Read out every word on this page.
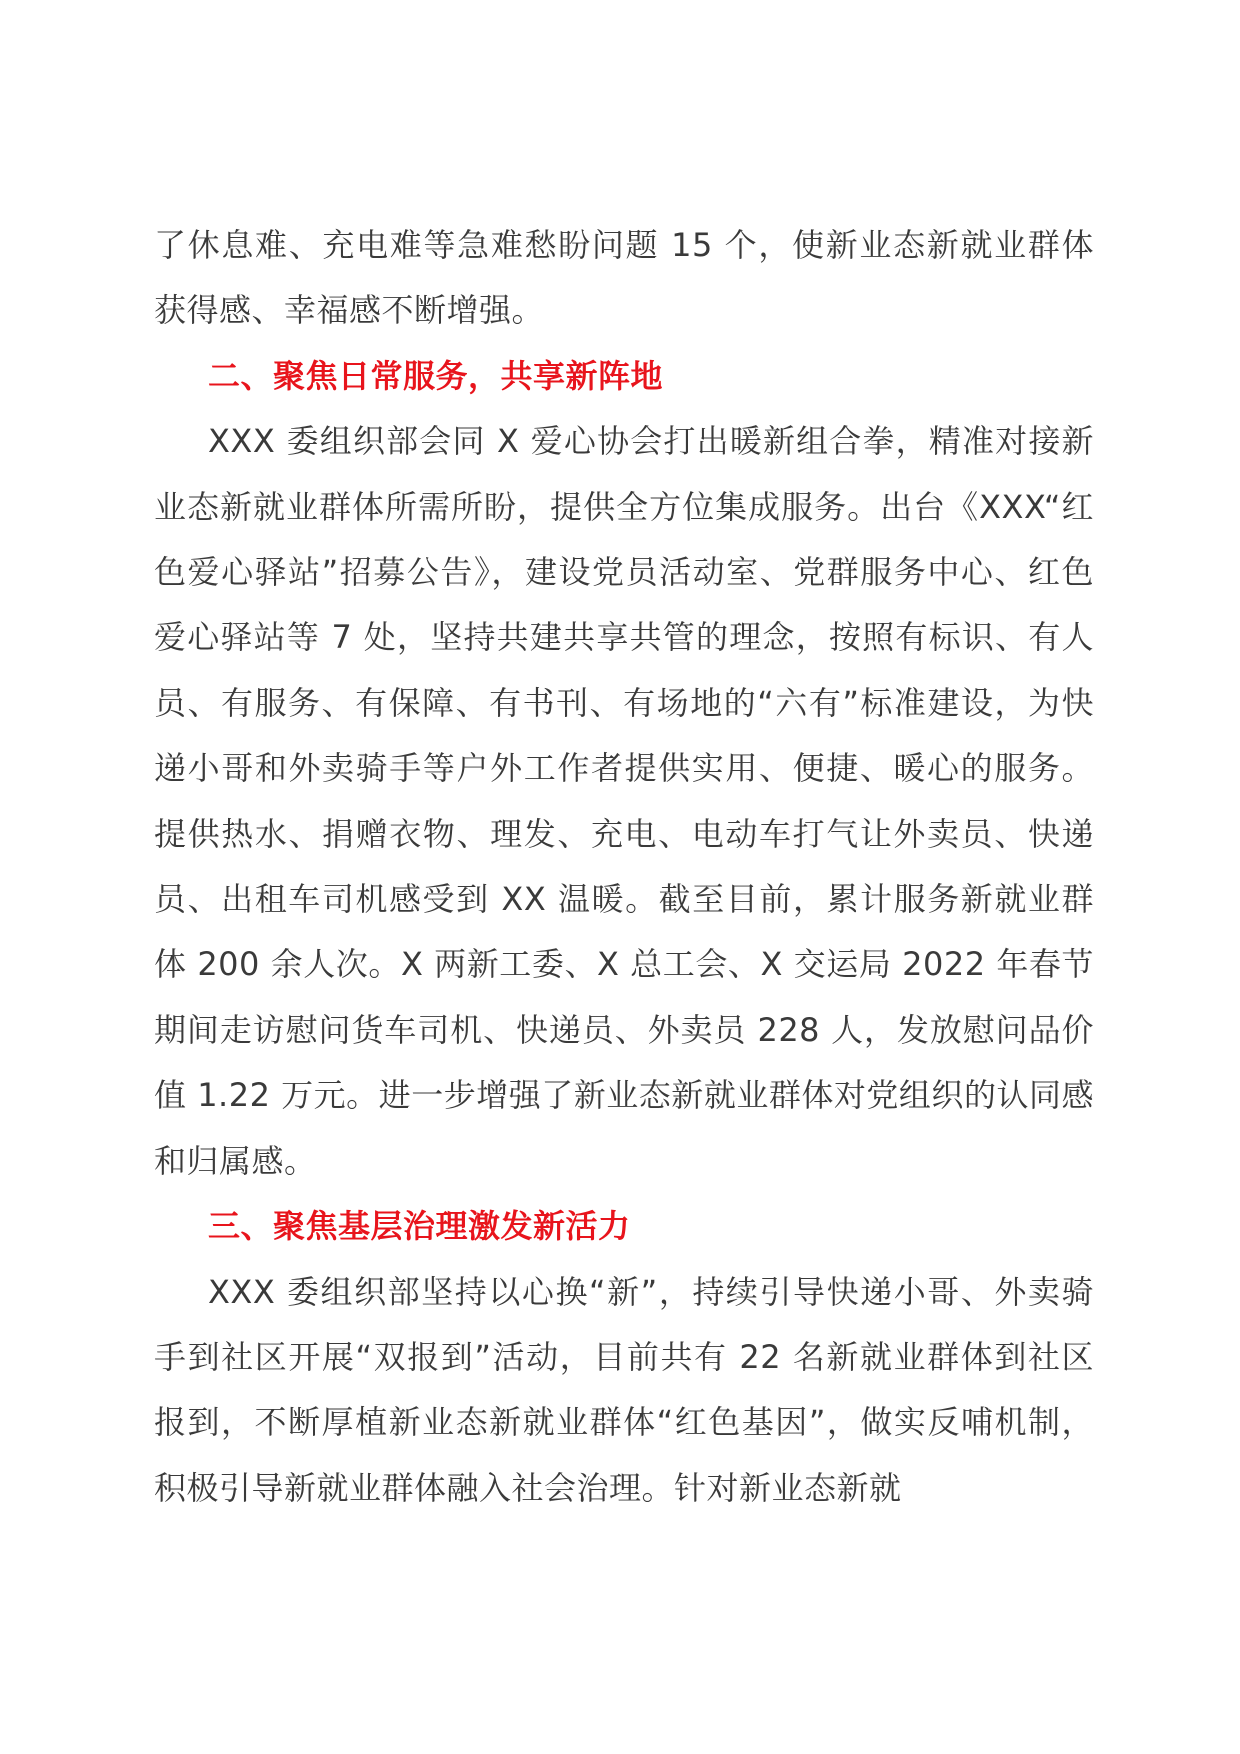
了休息难、充电难等急难愁盼问题 15 个，使新业态新就业群体获得感、幸福感不断增强。

二、聚焦日常服务，共享新阵地

XXX 委组织部会同 X 爱心协会打出暖新组合拳，精准对接新业态新就业群体所需所盼，提供全方位集成服务。出台《XXX“红色爱心驿站”招募公告》，建设党员活动室、党群服务中心、红色爱心驿站等 7 处，坚持共建共享共管的理念，按照有标识、有人员、有服务、有保障、有书刊、有场地的“六有”标准建设，为快递小哥和外卖骑手等户外工作者提供实用、便捷、暖心的服务。提供热水、捐赠衣物、理发、充电、电动车打气让外卖员、快递员、出租车司机感受到 XX 温暖。截至目前，累计服务新就业群体 200 余人次。X 两新工委、X 总工会、X 交运局 2022 年春节期间走访慰问货车司机、快递员、外卖员 228 人，发放慰问品价值 1.22 万元。进一步增强了新业态新就业群体对党组织的认同感和归属感。

三、聚焦基层治理激发新活力

XXX 委组织部坚持以心换“新”，持续引导快递小哥、外卖骑手到社区开展“双报到”活动，目前共有 22 名新就业群体到社区报到，不断厚植新业态新就业群体“红色基因”，做实反哺机制，积极引导新就业群体融入社会治理。针对新业态新就
